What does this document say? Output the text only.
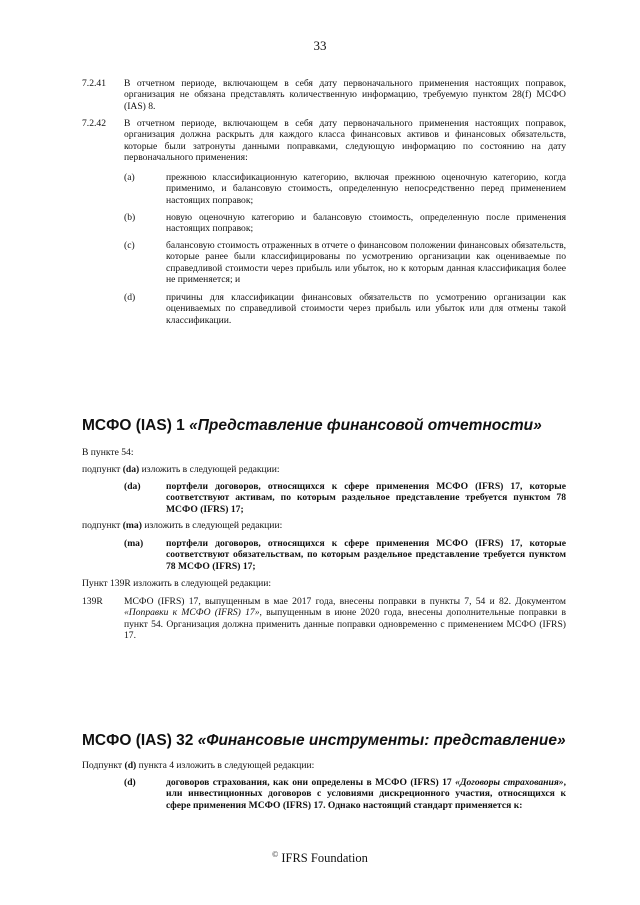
33
7.2.41 В отчетном периоде, включающем в себя дату первоначального применения настоящих поправок, организация не обязана представлять количественную информацию, требуемую пунктом 28(f) МСФО (IAS) 8.
7.2.42 В отчетном периоде, включающем в себя дату первоначального применения настоящих поправок, организация должна раскрыть для каждого класса финансовых активов и финансовых обязательств, которые были затронуты данными поправками, следующую информацию по состоянию на дату первоначального применения:
(a)	прежнюю классификационную категорию, включая прежнюю оценочную категорию, когда применимо, и балансовую стоимость, определенную непосредственно перед применением настоящих поправок;
(b)	новую оценочную категорию и балансовую стоимость, определенную после применения настоящих поправок;
(c)	балансовую стоимость отраженных в отчете о финансовом положении финансовых обязательств, которые ранее были классифицированы по усмотрению организации как оцениваемые по справедливой стоимости через прибыль или убыток, но к которым данная классификация более не применяется; и
(d)	причины для классификации финансовых обязательств по усмотрению организации как оцениваемых по справедливой стоимости через прибыль или убыток или для отмены такой классификации.
МСФО (IAS) 1 «Представление финансовой отчетности»
В пункте 54:
подпункт (da) изложить в следующей редакции:
(da)	портфели договоров, относящихся к сфере применения МСФО (IFRS) 17, которые соответствуют активам, по которым раздельное представление требуется пунктом 78 МСФО (IFRS) 17;
подпункт (ma) изложить в следующей редакции:
(ma) портфели договоров, относящихся к сфере применения МСФО (IFRS) 17, которые соответствуют обязательствам, по которым раздельное представление требуется пунктом 78 МСФО (IFRS) 17;
Пункт 139R изложить в следующей редакции:
139R МСФО (IFRS) 17, выпущенным в мае 2017 года, внесены поправки в пункты 7, 54 и 82. Документом «Поправки к МСФО (IFRS) 17», выпущенным в июне 2020 года, внесены дополнительные поправки в пункт 54. Организация должна применить данные поправки одновременно с применением МСФО (IFRS) 17.
МСФО (IAS) 32 «Финансовые инструменты: представление»
Подпункт (d) пункта 4 изложить в следующей редакции:
(d)	договоров страхования, как они определены в МСФО (IFRS) 17 «Договоры страхования», или инвестиционных договоров с условиями дискреционного участия, относящихся к сфере применения МСФО (IFRS) 17. Однако настоящий стандарт применяется к:
© IFRS Foundation
